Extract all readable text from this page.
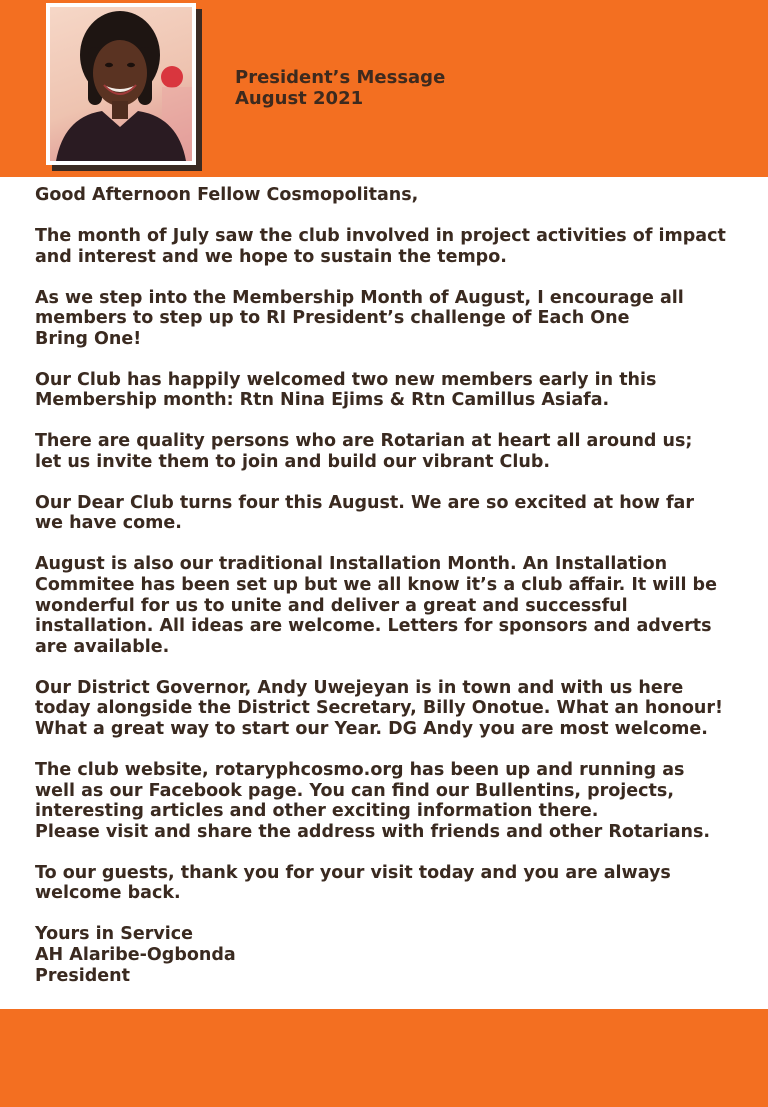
President’s Message
August 2021
Good Afternoon Fellow Cosmopolitans,
The month of July saw the club involved in project activities of impact
and interest and we hope to sustain the tempo.
As we step into the Membership Month of August, I encourage all
members to step up to RI President’s challenge of Each One
Bring One!
Our Club has happily welcomed two new members early in this
Membership month: Rtn Nina Ejims & Rtn Camillus Asiafa.
There are quality persons who are Rotarian at heart all around us;
let us invite them to join and build our vibrant Club.
Our Dear Club turns four this August. We are so excited at how far
we have come.
August is also our traditional Installation Month. An Installation
Commitee has been set up but we all know it’s a club affair. It will be
wonderful for us to unite and deliver a great and successful
installation. All ideas are welcome. Letters for sponsors and adverts
are available.
Our District Governor, Andy Uwejeyan is in town and with us here
today alongside the District Secretary, Billy Onotue. What an honour!
What a great way to start our Year. DG Andy you are most welcome.
The club website, rotaryphcosmo.org has been up and running as
well as our Facebook page. You can find our Bullentins, projects,
interesting articles and other exciting information there.
Please visit and share the address with friends and other Rotarians.
To our guests, thank you for your visit today and you are always
welcome back.
Yours in Service
AH Alaribe-Ogbonda
President
